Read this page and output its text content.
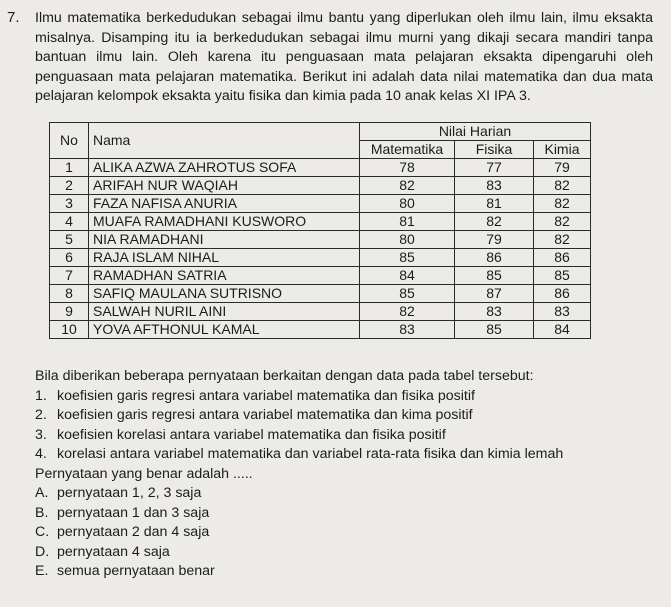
7. Ilmu matematika berkedudukan sebagai ilmu bantu yang diperlukan oleh ilmu lain, ilmu eksakta misalnya. Disamping itu ia berkedudukan sebagai ilmu murni yang dikaji secara mandiri tanpa bantuan ilmu lain. Oleh karena itu penguasaan mata pelajaran eksakta dipengaruhi oleh penguasaan mata pelajaran matematika. Berikut ini adalah data nilai matematika dan dua mata pelajaran kelompok eksakta yaitu fisika dan kimia pada 10 anak kelas XI IPA 3.
No	Nama	Nilai Harian		
		Matematika	Fisika	Kimia
1	ALIKA AZWA ZAHROTUS SOFA	78	77	79
2	ARIFAH NUR WAQIAH	82	83	82
3	FAZA NAFISA ANURIA	80	81	82
4	MUAFA RAMADHANI KUSWORO	81	82	82
5	NIA RAMADHANI	80	79	82
6	RAJA ISLAM NIHAL	85	86	86
7	RAMADHAN SATRIA	84	85	85
8	SAFIQ MAULANA SUTRISNO	85	87	86
9	SALWAH NURIL AINI	82	83	83
10	YOVA AFTHONUL KAMAL	83	85	84
Bila diberikan beberapa pernyataan berkaitan dengan data pada tabel tersebut:
1. koefisien garis regresi antara variabel matematika dan fisika positif
2. koefisien garis regresi antara variabel matematika dan kima positif
3. koefisien korelasi antara variabel matematika dan fisika positif
4. korelasi antara variabel matematika dan variabel rata-rata fisika dan kimia lemah
Pernyataan yang benar adalah .....
A. pernyataan 1, 2, 3 saja
B. pernyataan 1 dan 3 saja
C. pernyataan 2 dan 4 saja
D. pernyataan 4 saja
E. semua pernyataan benar
